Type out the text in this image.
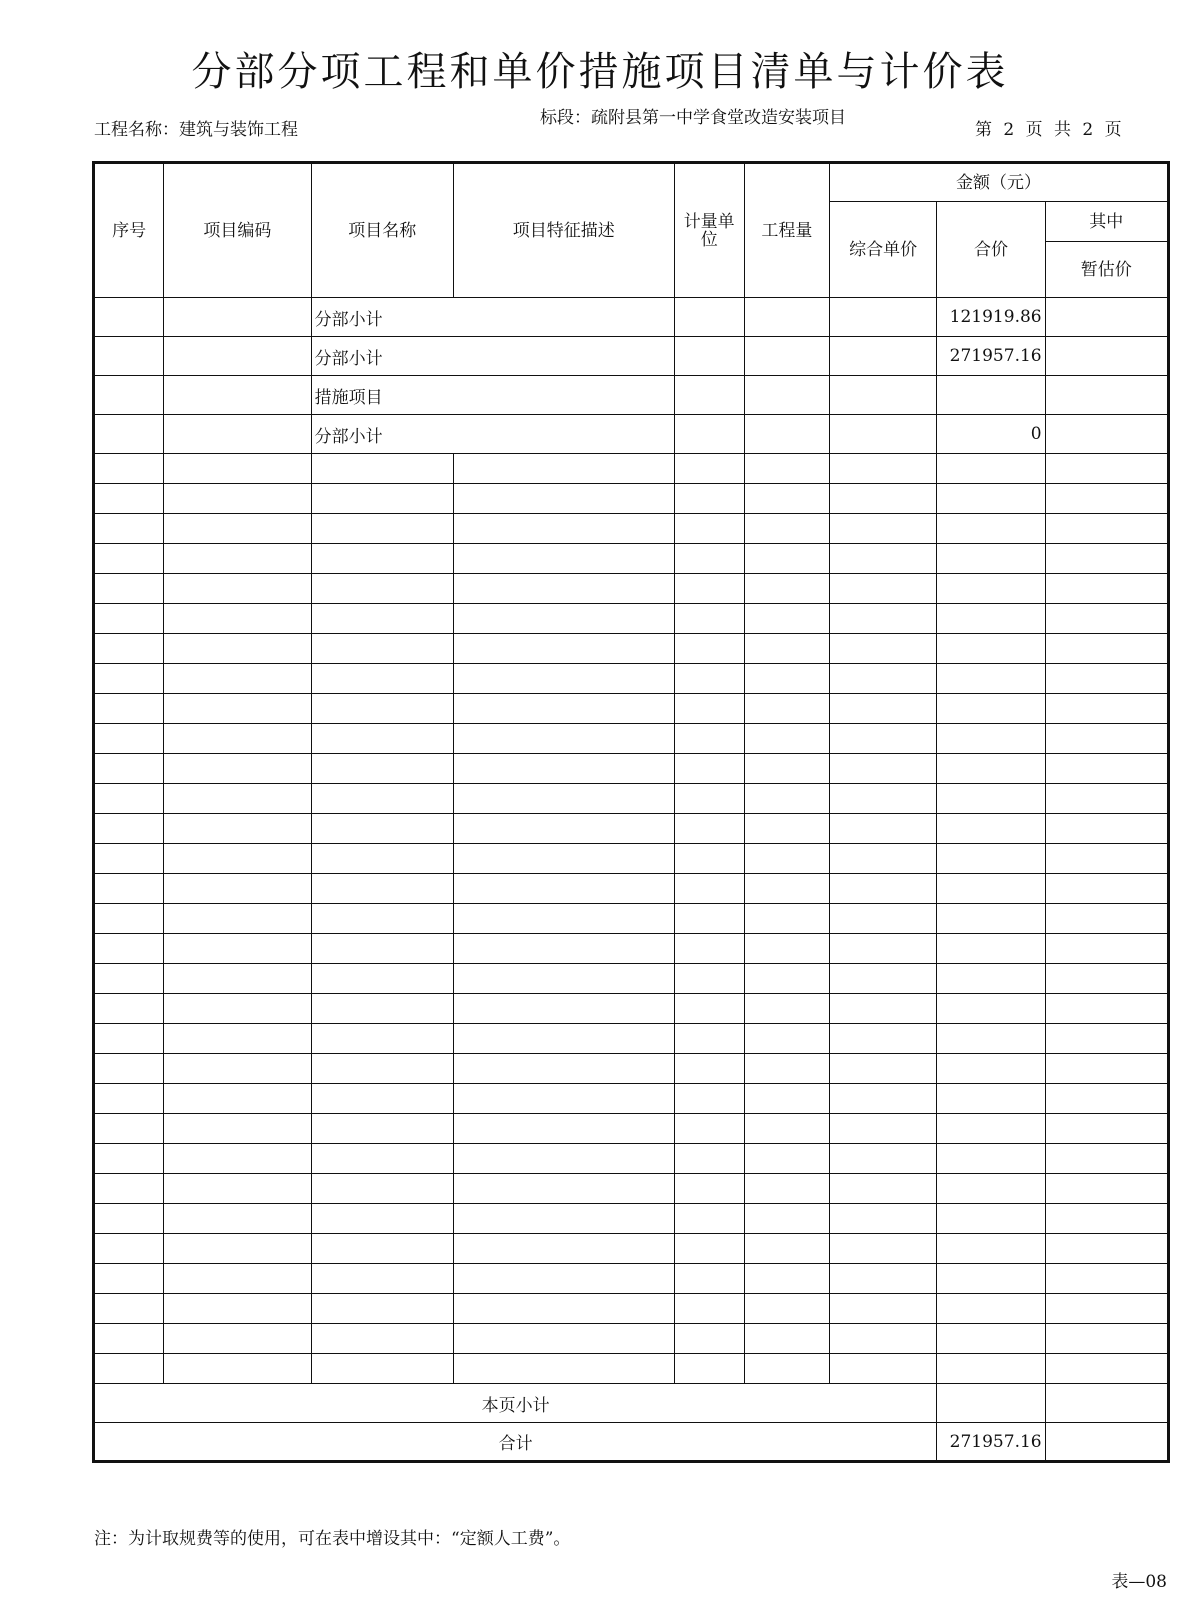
分部分项工程和单价措施项目清单与计价表
工程名称：建筑与装饰工程
标段：疏附县第一中学食堂改造安装项目
第 2 页 共 2 页
序号	项目编码	项目名称	项目特征描述	计量单位	工程量	金额（元）		
						综合单价	合价	其中
								暂估价
		分部小计					121919.86	
		分部小计					271957.16	
		措施项目						
		分部小计					0	

本页小计								
合计							271957.16	
注：为计取规费等的使用，可在表中增设其中：“定额人工费”。
表—08
